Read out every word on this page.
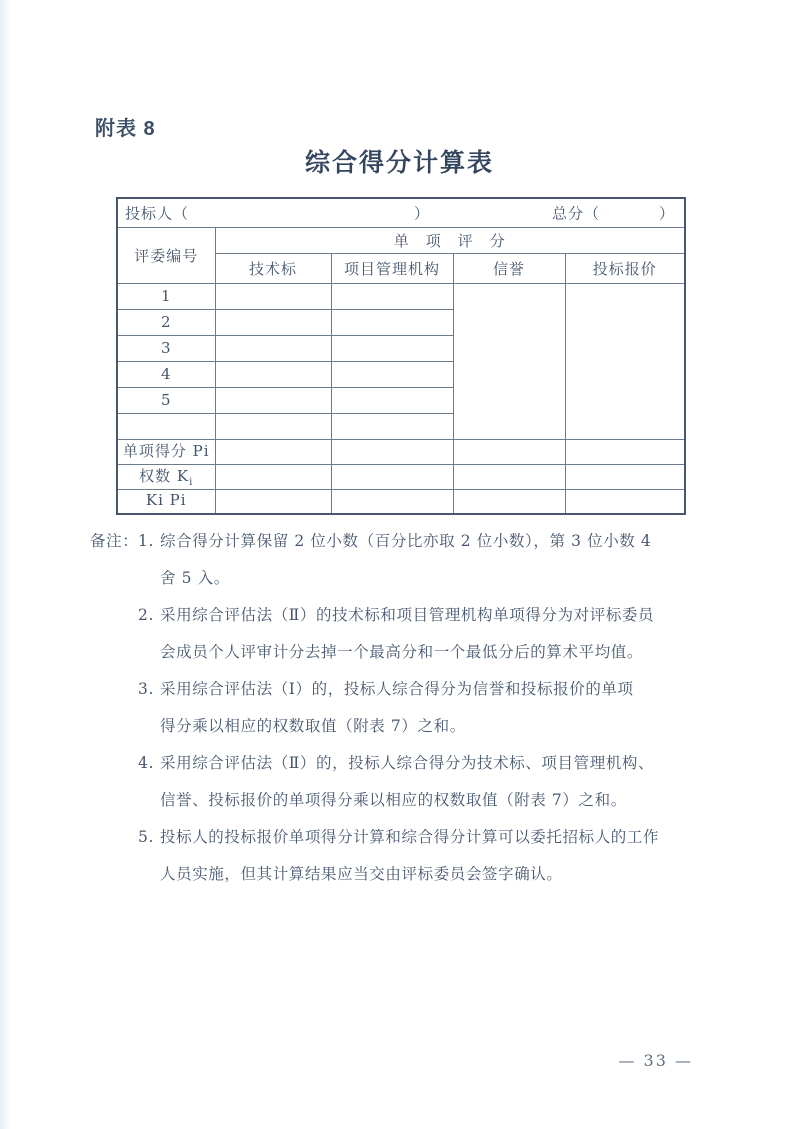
附表 8
综合得分计算表
投标人（ ） 总分（ ）				

评委编号	单　项　评　分			
	技术标	项目管理机构	信誉	投标报价
1				
2				
3				
4				
5				

单项得分 Pi				
权数 $K_i$				
Ki Pi				
备注： 1. 综合得分计算保留 2 位小数（百分比亦取 2 位小数），第 3 位小数 4
舍 5 入。
2. 采用综合评估法（Ⅱ）的技术标和项目管理机构单项得分为对评标委员
会成员个人评审计分去掉一个最高分和一个最低分后的算术平均值。
3. 采用综合评估法（Ⅰ）的，投标人综合得分为信誉和投标报价的单项
得分乘以相应的权数取值（附表 7）之和。
4. 采用综合评估法（Ⅱ）的，投标人综合得分为技术标、项目管理机构、
信誉、投标报价的单项得分乘以相应的权数取值（附表 7）之和。
5. 投标人的投标报价单项得分计算和综合得分计算可以委托招标人的工作
人员实施，但其计算结果应当交由评标委员会签字确认。
— 33 —
